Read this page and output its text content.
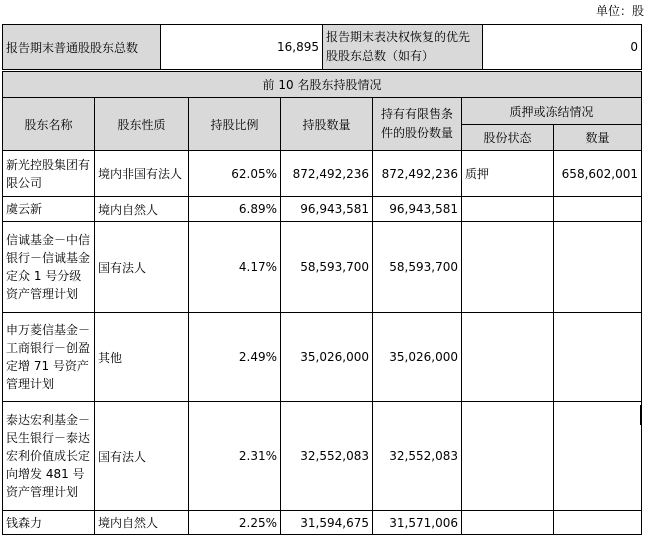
单位：股
报告期末普通股股东总数	16,895	报告期末表决权恢复的优先股股东总数（如有）	0
前 10 名股东持股情况						
股东名称	股东性质	持股比例	持股数量	持有有限售条件的股份数量	质押或冻结情况	
					股份状态	数量
新光控股集团有限公司	境内非国有法人	62.05%	872,492,236	872,492,236	质押	658,602,001
虞云新	境内自然人	6.89%	96,943,581	96,943,581		
信诚基金－中信银行－信诚基金定众 1 号分级资产管理计划	国有法人	4.17%	58,593,700	58,593,700		
申万菱信基金－工商银行－创盈定增 71 号资产管理计划	其他	2.49%	35,026,000	35,026,000		
泰达宏利基金－民生银行－泰达宏利价值成长定向增发 481 号资产管理计划	国有法人	2.31%	32,552,083	32,552,083		
钱森力	境内自然人	2.25%	31,594,675	31,571,006		
